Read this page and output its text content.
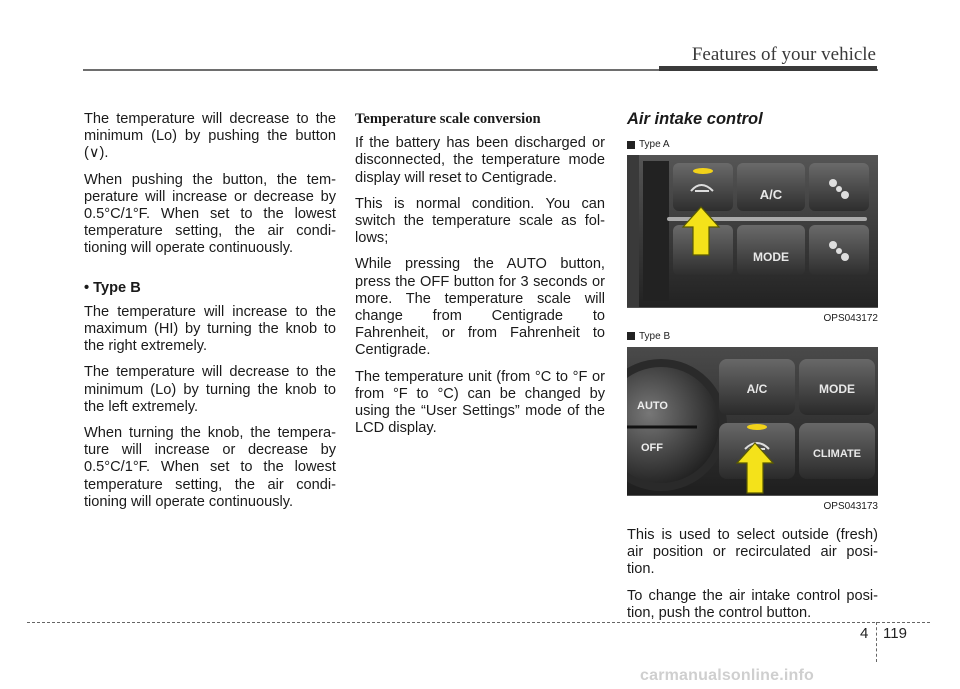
Features of your vehicle

The temperature will decrease to the minimum (Lo) by pushing the button (∨).

When pushing the button, the tem- perature will increase or decrease by 0.5°C/1°F. When set to the lowest temperature setting, the air condi- tioning will operate continuously.

• Type B

The temperature will increase to the maximum (HI) by turning the knob to the right extremely.

The temperature will decrease to the minimum (Lo) by turning the knob to the left extremely.

When turning the knob, the tempera- ture will increase or decrease by 0.5°C/1°F. When set to the lowest temperature setting, the air condi- tioning will operate continuously.

Temperature scale conversion

If the battery has been discharged or disconnected, the temperature mode display will reset to Centigrade.

This is normal condition. You can switch the temperature scale as fol- lows;

While pressing the AUTO button, press the OFF button for 3 seconds or more. The temperature scale will change from Centigrade to Fahrenheit, or from Fahrenheit to Centigrade.

The temperature unit (from °C to °F or from °F to °C) can be changed by using the “User Settings” mode of the LCD display.

Air intake control

Type A
A/C
MODE
OPS043172
Type B
AUTO
OFF
A/C	MODE
CLIMATE
OPS043173

This is used to select outside (fresh) air position or recirculated air posi- tion.

To change the air intake control posi- tion, push the control button.

4 119
carmanualsonline.info
